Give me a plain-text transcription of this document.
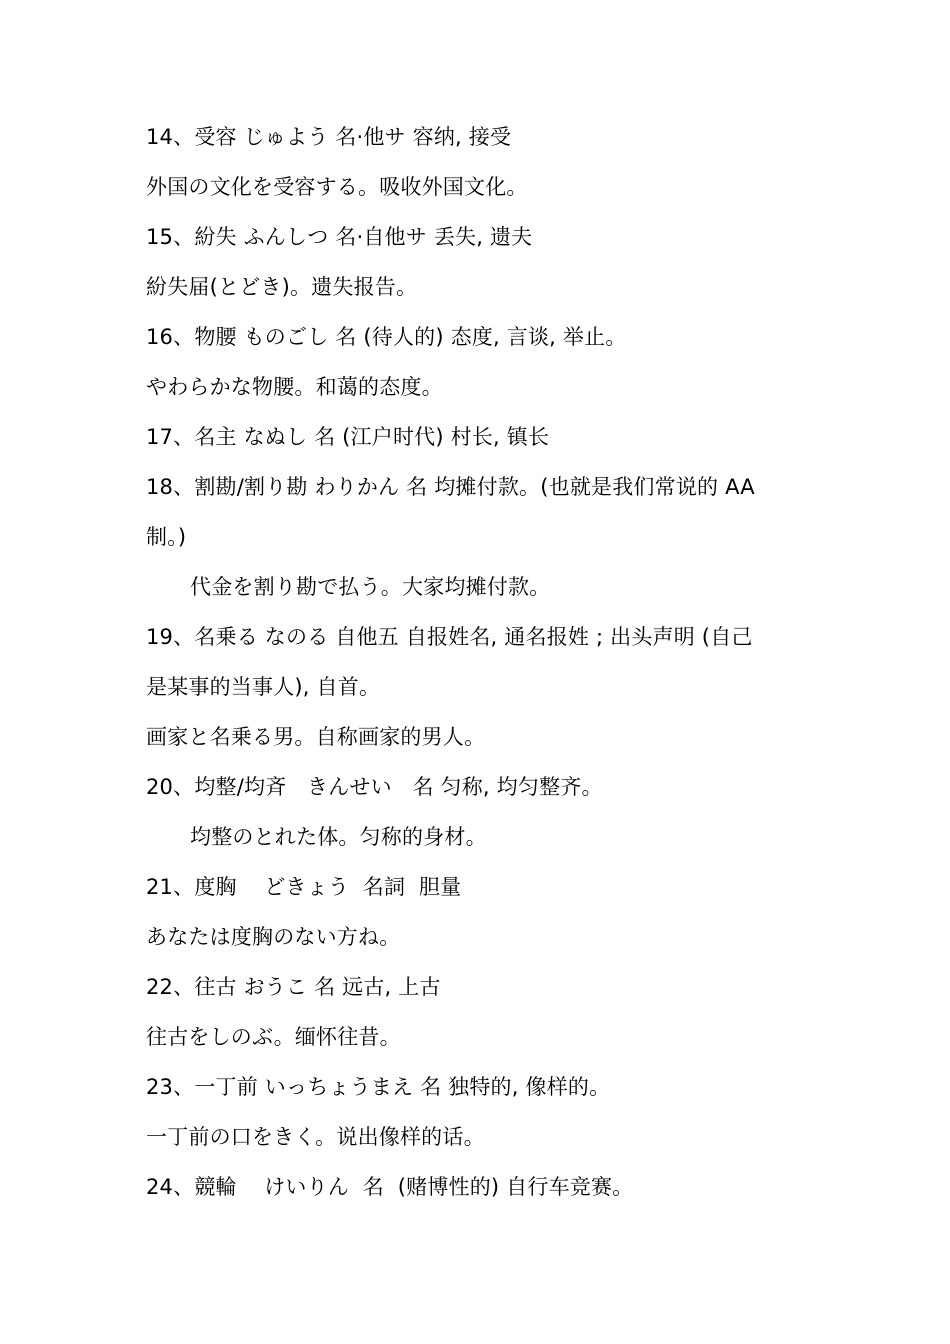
14、受容 じゅよう 名·他サ 容纳, 接受
外国の文化を受容する。吸收外国文化。
15、紛失 ふんしつ 名·自他サ 丢失, 遗夫
紛失届(とどき)。遗失报告。
16、物腰 ものごし 名 (待人的) 态度, 言谈, 举止。
やわらかな物腰。和蔼的态度。
17、名主 なぬし 名 (江户时代) 村长, 镇长
18、割勘/割り勘 わりかん 名 均摊付款。(也就是我们常说的 AA
制。)
代金を割り勘で払う。大家均摊付款。
19、名乗る なのる 自他五 自报姓名, 通名报姓 ; 出头声明 (自己
是某事的当事人), 自首。
画家と名乗る男。自称画家的男人。
20、均整/均斉   きんせい   名 匀称, 均匀整齐。
均整のとれた体。匀称的身材。
21、度胸    どきょう  名詞  胆量
あなたは度胸のない方ね。
22、往古 おうこ 名 远古, 上古
往古をしのぶ。缅怀往昔。
23、一丁前 いっちょうまえ 名 独特的, 像样的。
一丁前の口をきく。说出像样的话。
24、競輪    けいりん  名  (赌博性的) 自行车竞赛。
